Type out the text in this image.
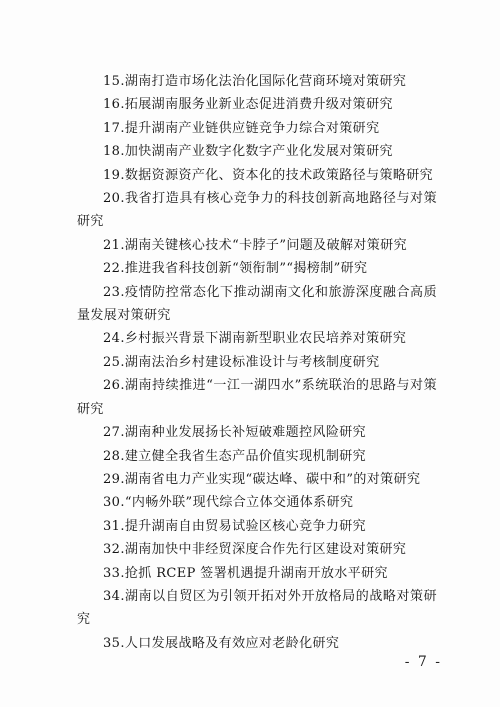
15.湖南打造市场化法治化国际化营商环境对策研究

16.拓展湖南服务业新业态促进消费升级对策研究

17.提升湖南产业链供应链竞争力综合对策研究

18.加快湖南产业数字化数字产业化发展对策研究

19.数据资源资产化、资本化的技术政策路径与策略研究

20.我省打造具有核心竞争力的科技创新高地路径与对策研究

21.湖南关键核心技术“卡脖子”问题及破解对策研究

22.推进我省科技创新“领衔制”“揭榜制”研究

23.疫情防控常态化下推动湖南文化和旅游深度融合高质量发展对策研究

24.乡村振兴背景下湖南新型职业农民培养对策研究

25.湖南法治乡村建设标准设计与考核制度研究

26.湖南持续推进“一江一湖四水”系统联治的思路与对策研究

27.湖南种业发展扬长补短破难题控风险研究

28.建立健全我省生态产品价值实现机制研究

29.湖南省电力产业实现“碳达峰、碳中和”的对策研究

30.“内畅外联”现代综合立体交通体系研究

31.提升湖南自由贸易试验区核心竞争力研究

32.湖南加快中非经贸深度合作先行区建设对策研究

33.抢抓 RCEP 签署机遇提升湖南开放水平研究

34.湖南以自贸区为引领开拓对外开放格局的战略对策研究

35.人口发展战略及有效应对老龄化研究

- 7 -
